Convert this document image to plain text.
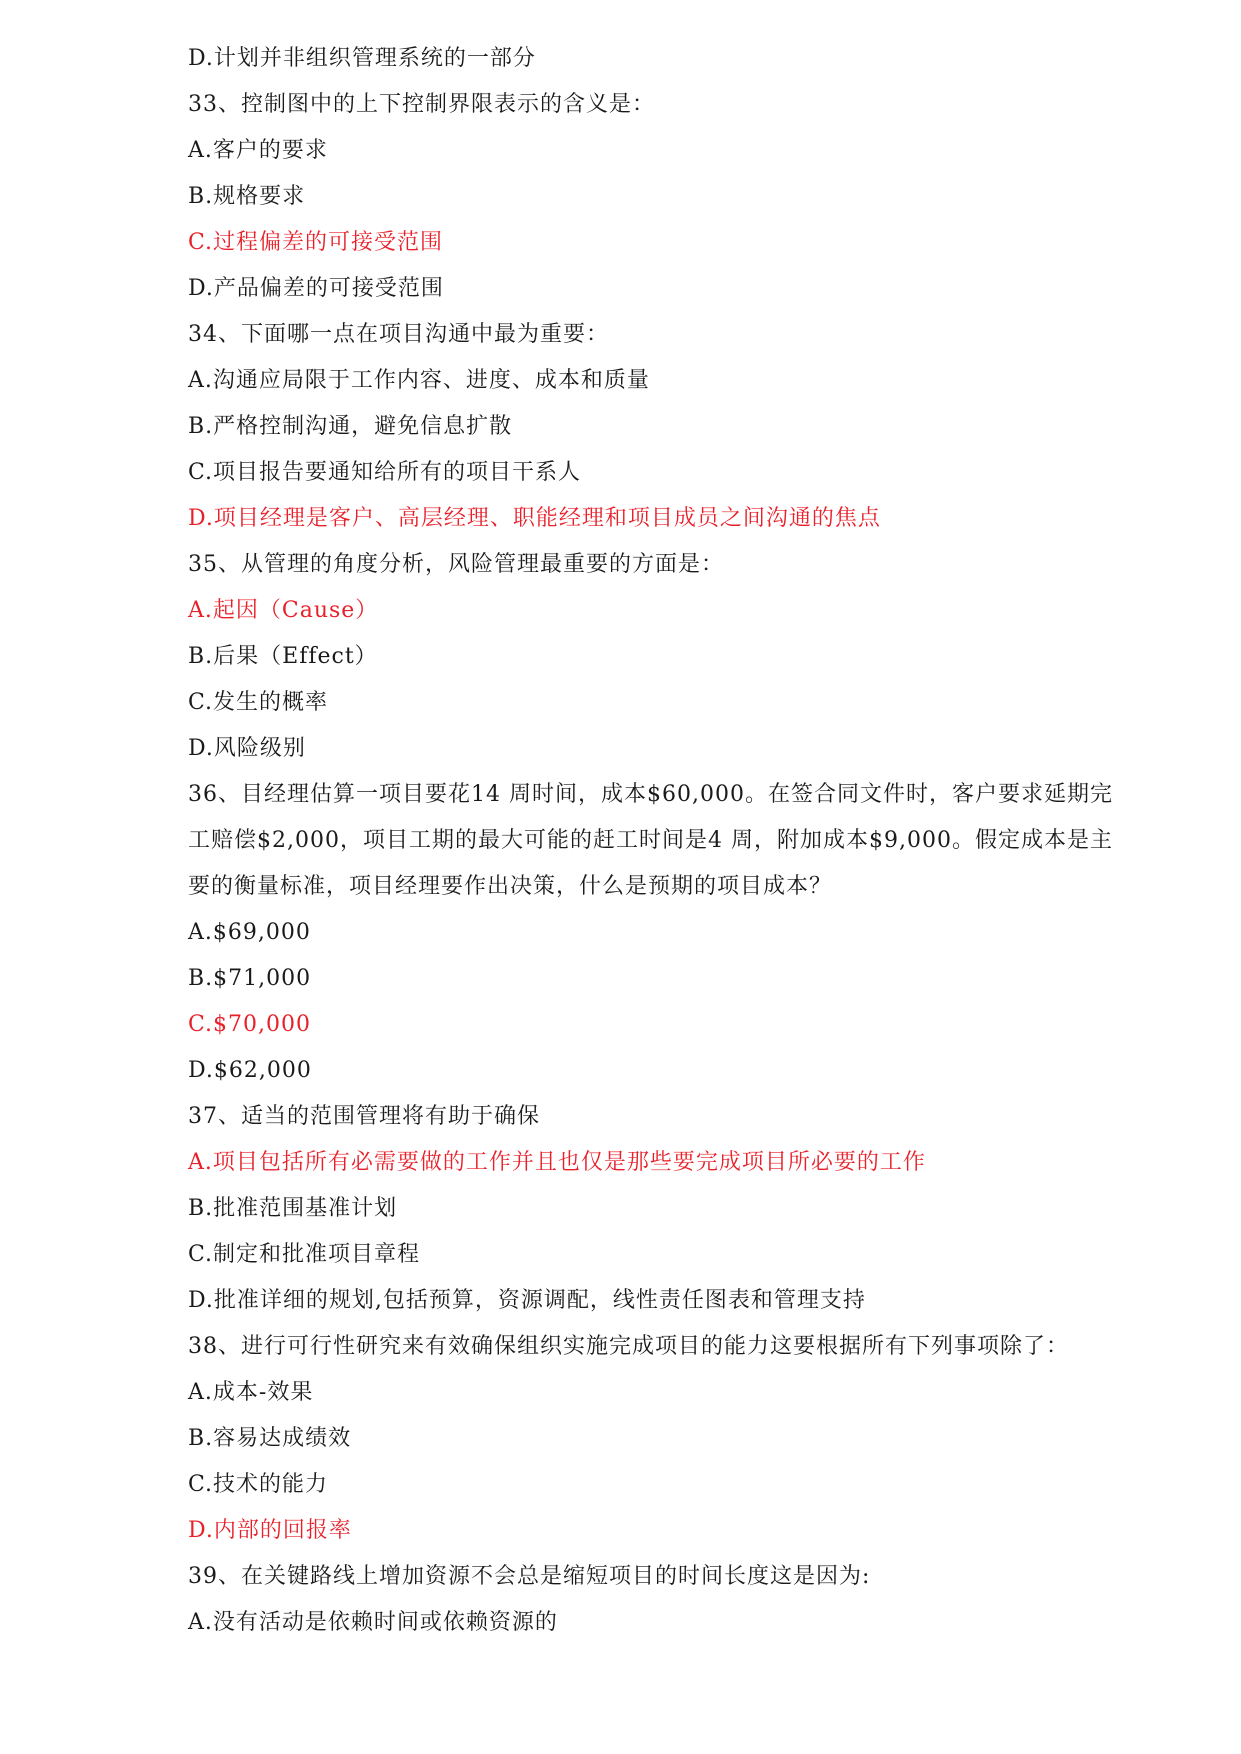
D.计划并非组织管理系统的一部分
33、控制图中的上下控制界限表示的含义是：
A.客户的要求
B.规格要求
C.过程偏差的可接受范围
D.产品偏差的可接受范围
34、下面哪一点在项目沟通中最为重要：
A.沟通应局限于工作内容、进度、成本和质量
B.严格控制沟通，避免信息扩散
C.项目报告要通知给所有的项目干系人
D.项目经理是客户、高层经理、职能经理和项目成员之间沟通的焦点
35、从管理的角度分析，风险管理最重要的方面是：
A.起因（Cause）
B.后果（Effect）
C.发生的概率
D.风险级别
36、目经理估算一项目要花14 周时间，成本$60,000。在签合同文件时，客户要求延期完
工赔偿$2,000，项目工期的最大可能的赶工时间是4 周，附加成本$9,000。假定成本是主
要的衡量标准，项目经理要作出决策，什么是预期的项目成本？
A.$69,000
B.$71,000
C.$70,000
D.$62,000
37、适当的范围管理将有助于确保
A.项目包括所有必需要做的工作并且也仅是那些要完成项目所必要的工作
B.批准范围基准计划
C.制定和批准项目章程
D.批准详细的规划,包括预算，资源调配，线性责任图表和管理支持
38、进行可行性研究来有效确保组织实施完成项目的能力这要根据所有下列事项除了：
A.成本-效果
B.容易达成绩效
C.技术的能力
D.内部的回报率
39、在关键路线上增加资源不会总是缩短项目的时间长度这是因为:
A.没有活动是依赖时间或依赖资源的
